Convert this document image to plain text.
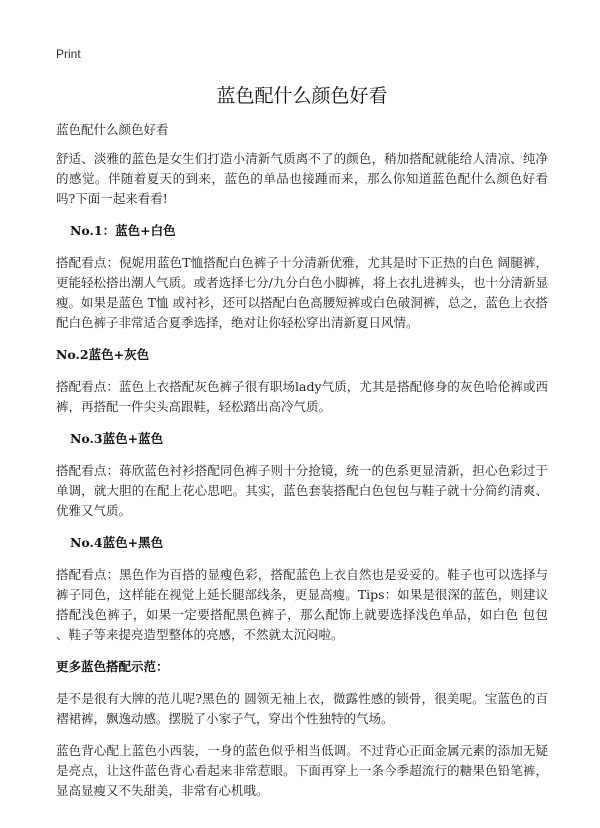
Print
蓝色配什么颜色好看

蓝色配什么颜色好看

舒适、淡雅的蓝色是女生们打造小清新气质离不了的颜色，稍加搭配就能给人清凉、纯净的感觉。伴随着夏天的到来，蓝色的单品也接踵而来，那么你知道蓝色配什么颜色好看吗?下面一起来看看!

No.1：蓝色+白色

搭配看点：倪妮用蓝色T恤搭配白色裤子十分清新优雅，尤其是时下正热的白色 阔腿裤，更能轻松搭出潮人气质。或者选择七分/九分白色小脚裤，将上衣扎进裤头，也十分清新显瘦。如果是蓝色 T恤 或衬衫，还可以搭配白色高腰短裤或白色破洞裤，总之，蓝色上衣搭配白色裤子非常适合夏季选择，绝对让你轻松穿出清新夏日风情。

No.2蓝色+灰色

搭配看点：蓝色上衣搭配灰色裤子很有职场lady气质，尤其是搭配修身的灰色哈伦裤或西裤，再搭配一件尖头高跟鞋，轻松踏出高冷气质。

No.3蓝色+蓝色

搭配看点：蒋欣蓝色衬衫搭配同色裤子则十分抢镜，统一的色系更显清新，担心色彩过于单调，就大胆的在配上花心思吧。其实，蓝色套装搭配白色包包与鞋子就十分简约清爽、优雅又气质。

No.4蓝色+黑色

搭配看点：黑色作为百搭的显瘦色彩，搭配蓝色上衣自然也是妥妥的。鞋子也可以选择与裤子同色，这样能在视觉上延长腿部线条，更显高瘦。Tips：如果是很深的蓝色，则建议搭配浅色裤子，如果一定要搭配黑色裤子，那么配饰上就要选择浅色单品，如白色 包包 、鞋子等来提亮造型整体的亮感，不然就太沉闷啦。

更多蓝色搭配示范：

是不是很有大牌的范儿呢?黑色的 圆领无袖上衣，微露性感的锁骨，很美呢。宝蓝色的百褶裙裤，飘逸动感。摆脱了小家子气，穿出个性独特的气场。

蓝色背心配上蓝色小西装，一身的蓝色似乎相当低调。不过背心正面金属元素的添加无疑是亮点，让这件蓝色背心看起来非常惹眼。下面再穿上一条今季超流行的糖果色铅笔裤，显高显瘦又不失甜美，非常有心机哦。
